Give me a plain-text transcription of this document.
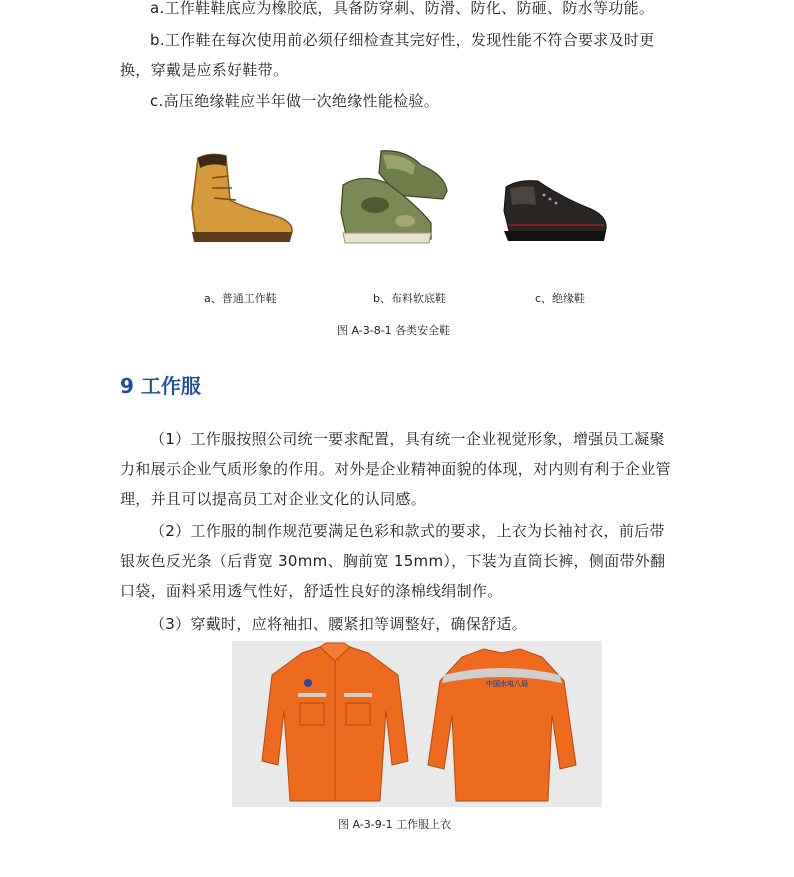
a.工作鞋鞋底应为橡胶底，具备防穿刺、防滑、防化、防砸、防水等功能。
b.工作鞋在每次使用前必须仔细检查其完好性，发现性能不符合要求及时更换，穿戴是应系好鞋带。
c.高压绝缘鞋应半年做一次绝缘性能检验。
a、普通工作鞋	b、布料软底鞋	c、绝缘鞋
图 A-3-8-1 各类安全鞋
9 工作服
（1）工作服按照公司统一要求配置，具有统一企业视觉形象，增强员工凝聚力和展示企业气质形象的作用。对外是企业精神面貌的体现，对内则有利于企业管理，并且可以提高员工对企业文化的认同感。
（2）工作服的制作规范要满足色彩和款式的要求，上衣为长袖衬衣，前后带银灰色反光条（后背宽 30mm、胸前宽 15mm），下装为直筒长裤，侧面带外翻口袋，面料采用透气性好，舒适性良好的涤棉线绢制作。
（3）穿戴时，应将袖扣、腰紧扣等调整好，确保舒适。
中国水电八局
图 A-3-9-1 工作服上衣
